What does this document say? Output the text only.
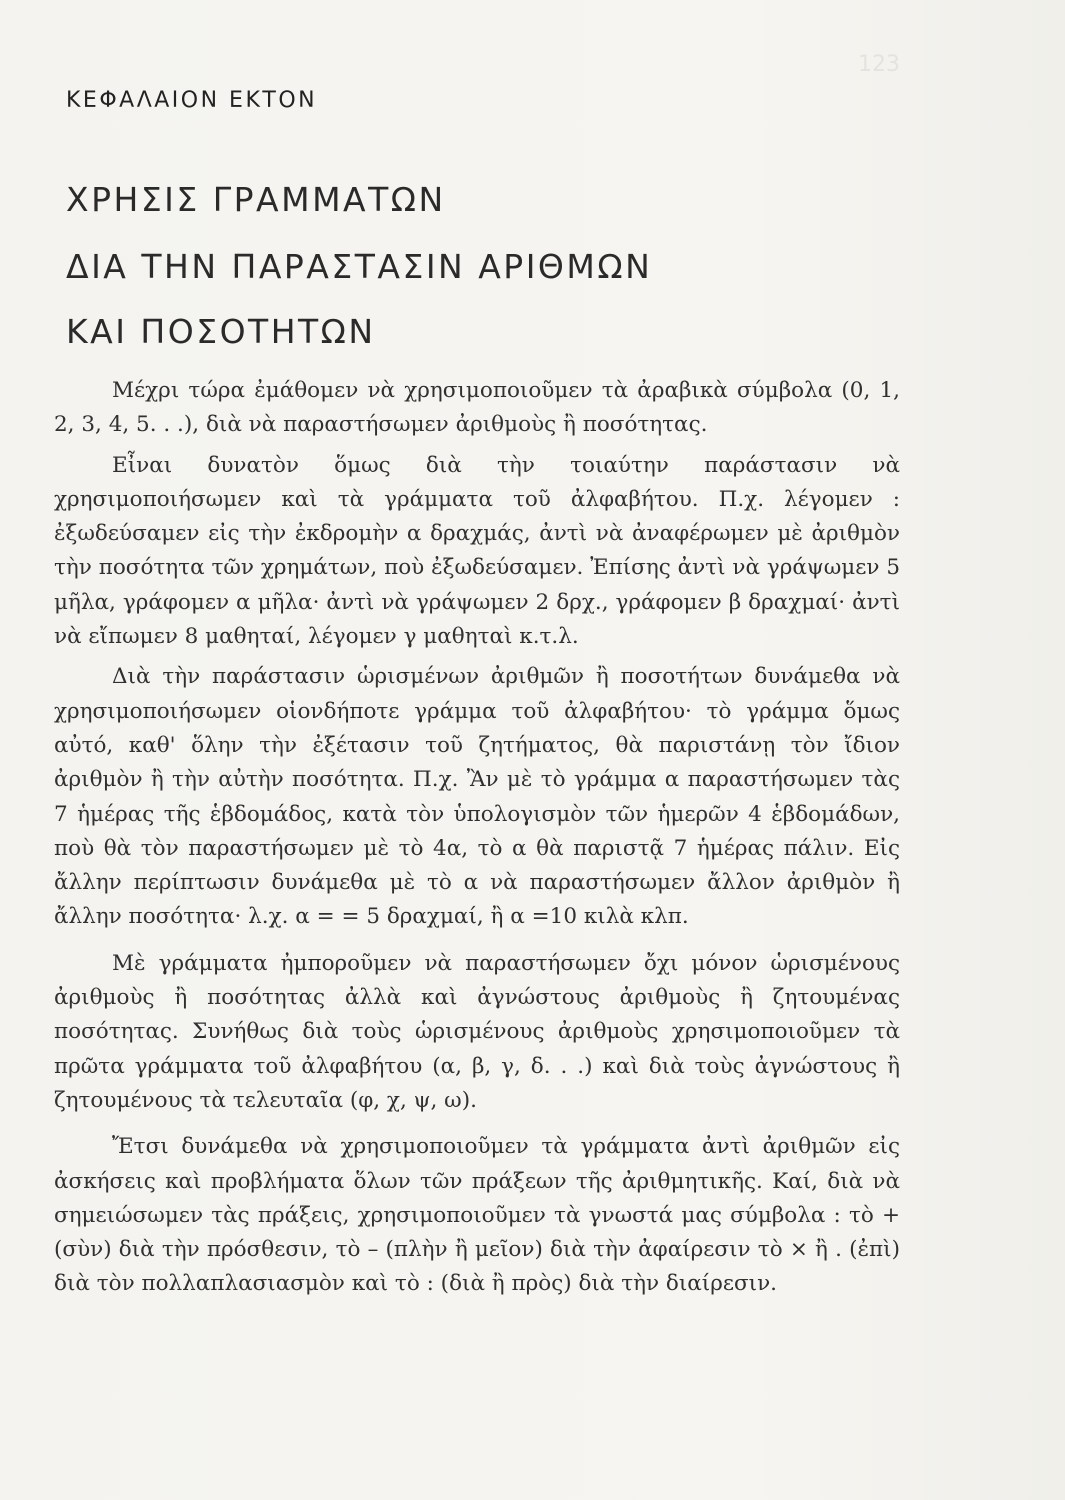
123
ΚΕΦΑΛΑΙΟΝ ΕΚΤΟΝ
ΧΡΗΣΙΣ ΓΡΑΜΜΑΤΩΝ
ΔΙΑ ΤΗΝ ΠΑΡΑΣΤΑΣΙΝ ΑΡΙΘΜΩΝ
ΚΑΙ ΠΟΣΟΤΗΤΩΝ

Μέχρι τώρα ἐμάθομεν νὰ χρησιμοποιοῦμεν τὰ ἀραβικὰ σύμβολα (0, 1, 2, 3, 4, 5. . .), διὰ νὰ παραστήσωμεν ἀριθμοὺς ἢ ποσότητας.

Εἶναι δυνατὸν ὅμως διὰ τὴν τοιαύτην παράστασιν νὰ χρησιμοποιήσωμεν καὶ τὰ γράμματα τοῦ ἀλφαβήτου. Π.χ. λέγομεν : ἐξωδεύσαμεν εἰς τὴν ἐκδρομὴν α δραχμάς, ἀντὶ νὰ ἀναφέρωμεν μὲ ἀριθμὸν τὴν ποσότητα τῶν χρημάτων, ποὺ ἐξωδεύσαμεν. Ἐπίσης ἀντὶ νὰ γράψωμεν 5 μῆλα, γράφομεν α μῆλα· ἀντὶ νὰ γράψωμεν 2 δρχ., γράφομεν β δραχμαί· ἀντὶ νὰ εἴπωμεν 8 μαθηταί, λέγομεν γ μαθηταὶ κ.τ.λ.

Διὰ τὴν παράστασιν ὡρισμένων ἀριθμῶν ἢ ποσοτήτων δυνάμεθα νὰ χρησιμοποιήσωμεν οἱονδήποτε γράμμα τοῦ ἀλφαβήτου· τὸ γράμμα ὅμως αὐτό, καθ' ὅλην τὴν ἐξέτασιν τοῦ ζητήματος, θὰ παριστάνῃ τὸν ἴδιον ἀριθμὸν ἢ τὴν αὐτὴν ποσότητα. Π.χ. Ἂν μὲ τὸ γράμμα α παραστήσωμεν τὰς 7 ἡμέρας τῆς ἑβδομάδος, κατὰ τὸν ὑπολογισμὸν τῶν ἡμερῶν 4 ἑβδομάδων, ποὺ θὰ τὸν παραστήσωμεν μὲ τὸ 4α, τὸ α θὰ παριστᾷ 7 ἡμέρας πάλιν. Εἰς ἄλλην περίπτωσιν δυνάμεθα μὲ τὸ α νὰ παραστήσωμεν ἄλλον ἀριθμὸν ἢ ἄλλην ποσότητα· λ.χ. α = = 5 δραχμαί, ἢ α =10 κιλὰ κλπ.

Μὲ γράμματα ἠμποροῦμεν νὰ παραστήσωμεν ὄχι μόνον ὡρισμένους ἀριθμοὺς ἢ ποσότητας ἀλλὰ καὶ ἀγνώστους ἀριθμοὺς ἢ ζητουμένας ποσότητας. Συνήθως διὰ τοὺς ὡρισμένους ἀριθμοὺς χρησιμοποιοῦμεν τὰ πρῶτα γράμματα τοῦ ἀλφαβήτου (α, β, γ, δ. . .) καὶ διὰ τοὺς ἀγνώστους ἢ ζητουμένους τὰ τελευταῖα (φ, χ, ψ, ω).

Ἔτσι δυνάμεθα νὰ χρησιμοποιοῦμεν τὰ γράμματα ἀντὶ ἀριθμῶν εἰς ἀσκήσεις καὶ προβλήματα ὅλων τῶν πράξεων τῆς ἀριθμητικῆς. Καί, διὰ νὰ σημειώσωμεν τὰς πράξεις, χρησιμοποιοῦμεν τὰ γνωστά μας σύμβολα : τὸ + (σὺν) διὰ τὴν πρόσθεσιν, τὸ – (πλὴν ἢ μεῖον) διὰ τὴν ἀφαίρεσιν τὸ × ἢ . (ἐπὶ) διὰ τὸν πολλαπλασιασμὸν καὶ τὸ : (διὰ ἢ πρὸς) διὰ τὴν διαίρεσιν.
